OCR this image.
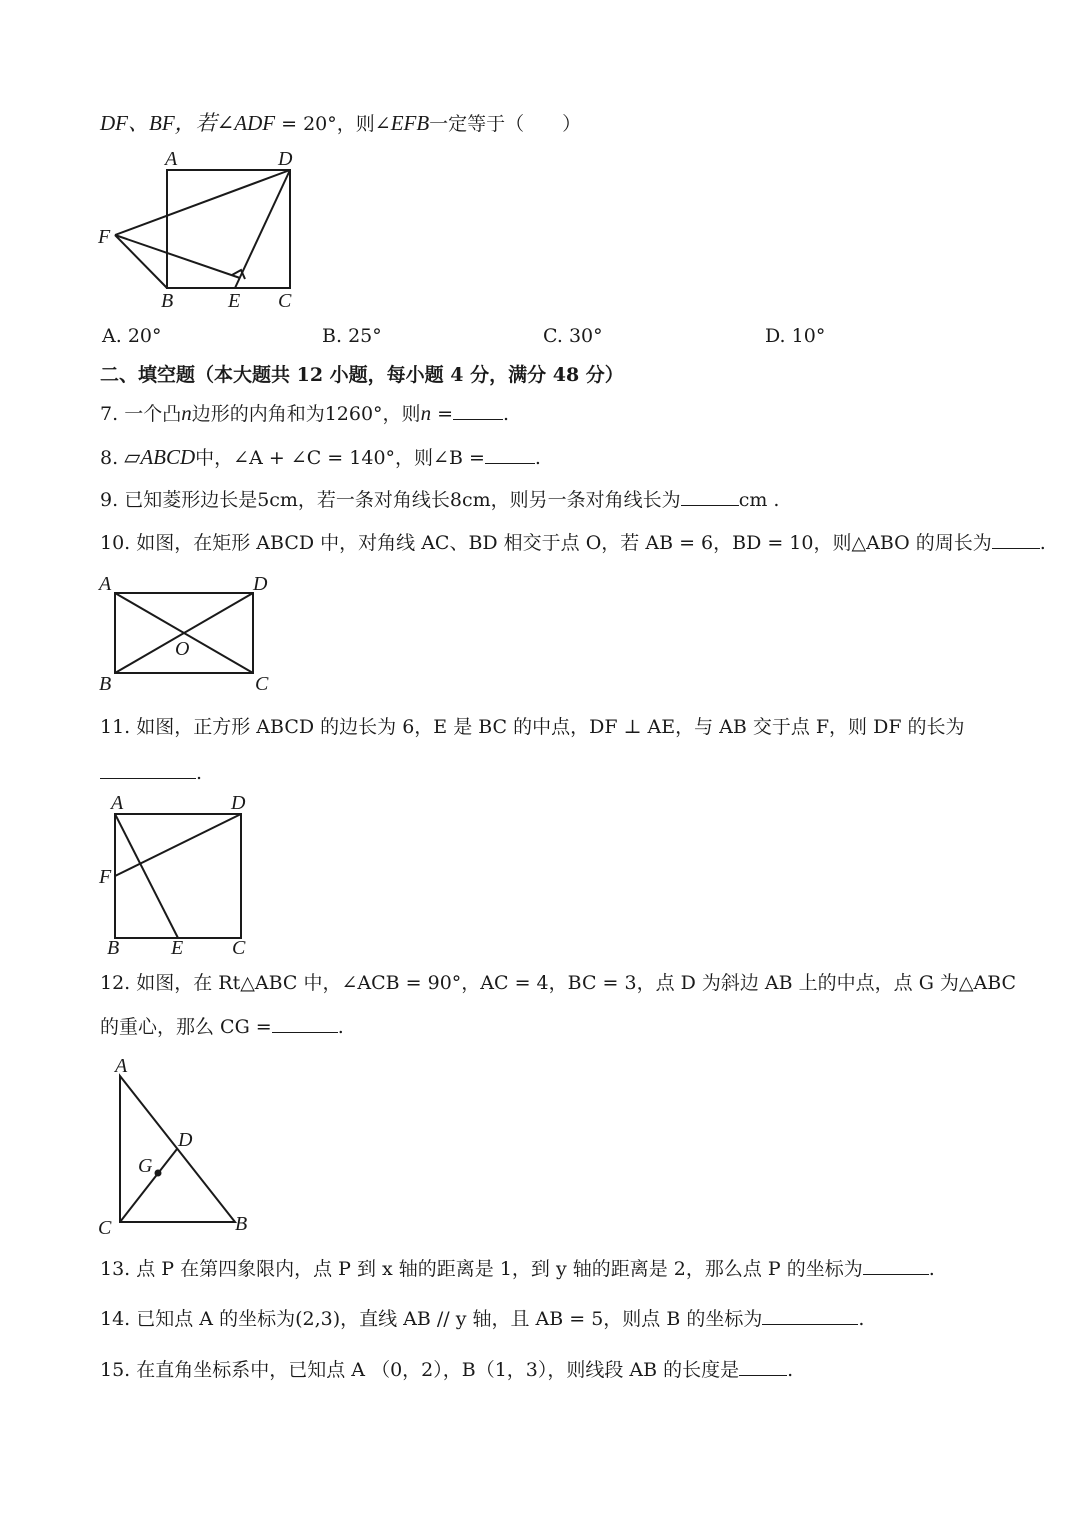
DF、BF，若∠ADF = 20°，则∠EFB一定等于（　　）
A	D
F
B	E C
A. 20°	B. 25°	C. 30°	D. 10°
二、填空题（本大题共 12 小题，每小题 4 分，满分 48 分）
7. 一个凸n边形的内角和为1260°，则n =	.
8. ▱ABCD中，∠A + ∠C = 140°，则∠B =	.
9. 已知菱形边长是5cm，若一条对角线长8cm，则另一条对角线长为	cm .
10. 如图，在矩形 ABCD 中，对角线 AC、BD 相交于点 O，若 AB = 6，BD = 10，则△ABO 的周长为	.
A	D
O
B	C
11. 如图，正方形 ABCD 的边长为 6，E 是 BC 的中点，DF ⊥ AE，与 AB 交于点 F，则 DF 的长为
.
A	D
F
B	E C
12. 如图，在 Rt△ABC 中，∠ACB = 90°，AC = 4，BC = 3，点 D 为斜边 AB 上的中点，点 G 为△ABC
的重心，那么 CG =	.
A
D
G
C	B
13. 点 P 在第四象限内，点 P 到 x 轴的距离是 1，到 y 轴的距离是 2，那么点 P 的坐标为	.
14. 已知点 A 的坐标为(2,3)，直线 AB // y 轴，且 AB = 5，则点 B 的坐标为	.
15. 在直角坐标系中，已知点 A （0，2），B（1，3），则线段 AB 的长度是	.
